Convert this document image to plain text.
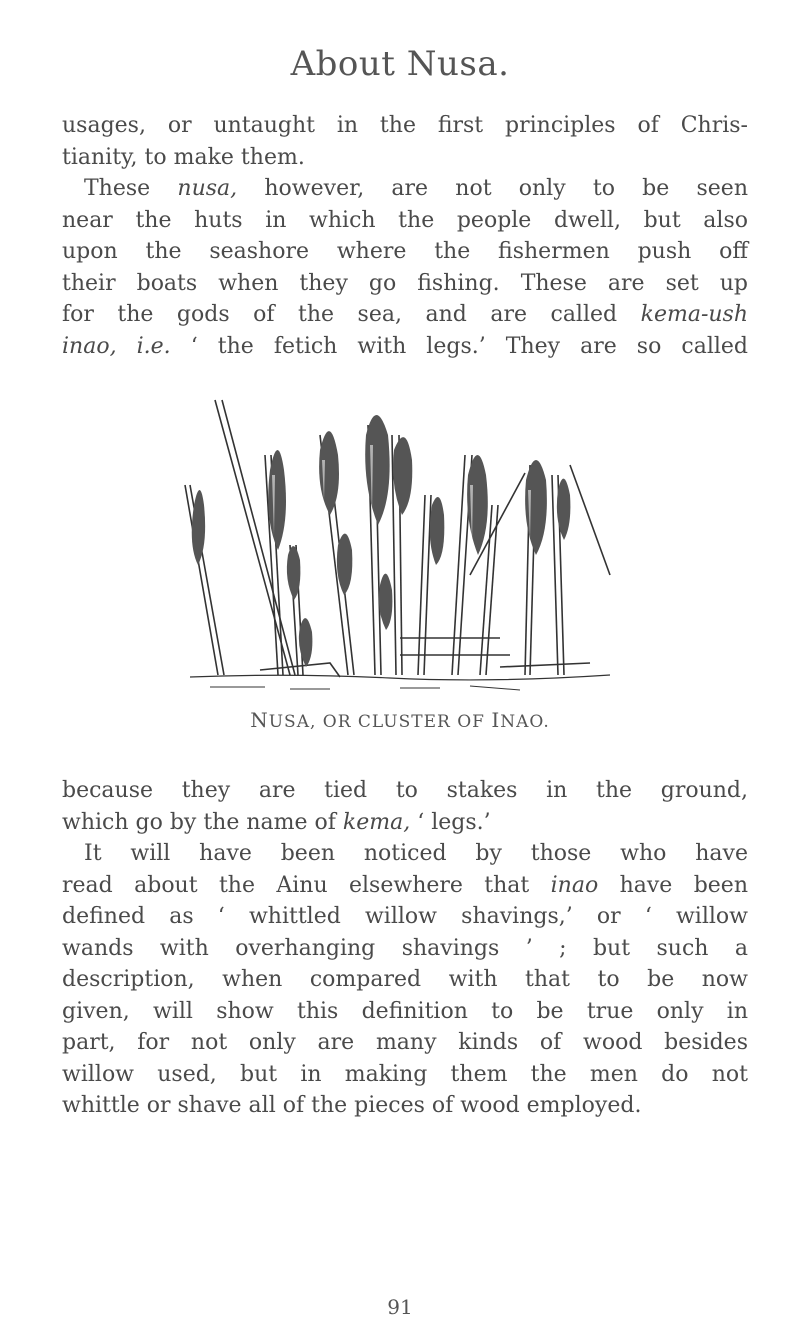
About Nusa.
usages, or untaught in the first principles of Chris-
tianity, to make them.
These nusa, however, are not only to be seen
near the huts in which the people dwell, but also
upon the seashore where the fishermen push off
their boats when they go fishing. These are set up
for the gods of the sea, and are called kema-ush
inao, i.e. ‘ the fetich with legs.’ They are so called
NUSA, OR CLUSTER OF INAO.
because they are tied to stakes in the ground,
which go by the name of kema, ‘ legs.’
It will have been noticed by those who have
read about the Ainu elsewhere that inao have been
defined as ‘ whittled willow shavings,’ or ‘ willow
wands with overhanging shavings ’ ; but such a
description, when compared with that to be now
given, will show this definition to be true only in
part, for not only are many kinds of wood besides
willow used, but in making them the men do not
whittle or shave all of the pieces of wood employed.
91
